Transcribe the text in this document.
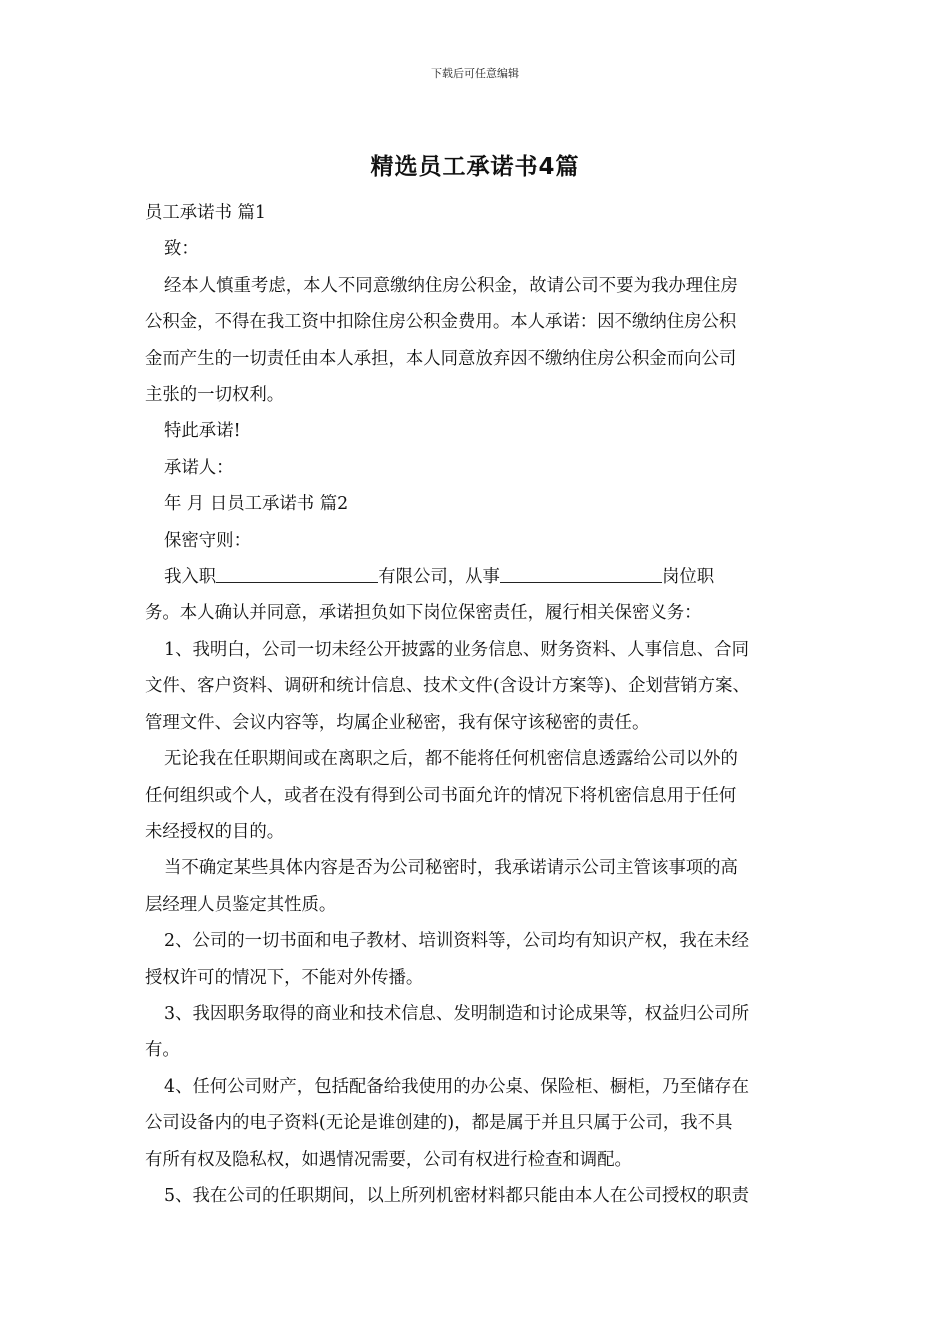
下载后可任意编辑
精选员工承诺书4篇

员工承诺书 篇1

致：

经本人慎重考虑，本人不同意缴纳住房公积金，故请公司不要为我办理住房

公积金，不得在我工资中扣除住房公积金费用。本人承诺：因不缴纳住房公积

金而产生的一切责任由本人承担，本人同意放弃因不缴纳住房公积金而向公司

主张的一切权利。

特此承诺!

承诺人：

年 月 日员工承诺书 篇2

保密守则：

我入职	有限公司，从事	岗位职

务。本人确认并同意，承诺担负如下岗位保密责任，履行相关保密义务：

1、我明白，公司一切未经公开披露的业务信息、财务资料、人事信息、合同

文件、客户资料、调研和统计信息、技术文件(含设计方案等)、企划营销方案、

管理文件、会议内容等，均属企业秘密，我有保守该秘密的责任。

无论我在任职期间或在离职之后，都不能将任何机密信息透露给公司以外的

任何组织或个人，或者在没有得到公司书面允许的情况下将机密信息用于任何

未经授权的目的。

当不确定某些具体内容是否为公司秘密时，我承诺请示公司主管该事项的高

层经理人员鉴定其性质。

2、公司的一切书面和电子教材、培训资料等，公司均有知识产权，我在未经

授权许可的情况下，不能对外传播。

3、我因职务取得的商业和技术信息、发明制造和讨论成果等，权益归公司所

有。

4、任何公司财产，包括配备给我使用的办公桌、保险柜、橱柜，乃至储存在

公司设备内的电子资料(无论是谁创建的)，都是属于并且只属于公司，我不具

有所有权及隐私权，如遇情况需要，公司有权进行检查和调配。

5、我在公司的任职期间，以上所列机密材料都只能由本人在公司授权的职责
